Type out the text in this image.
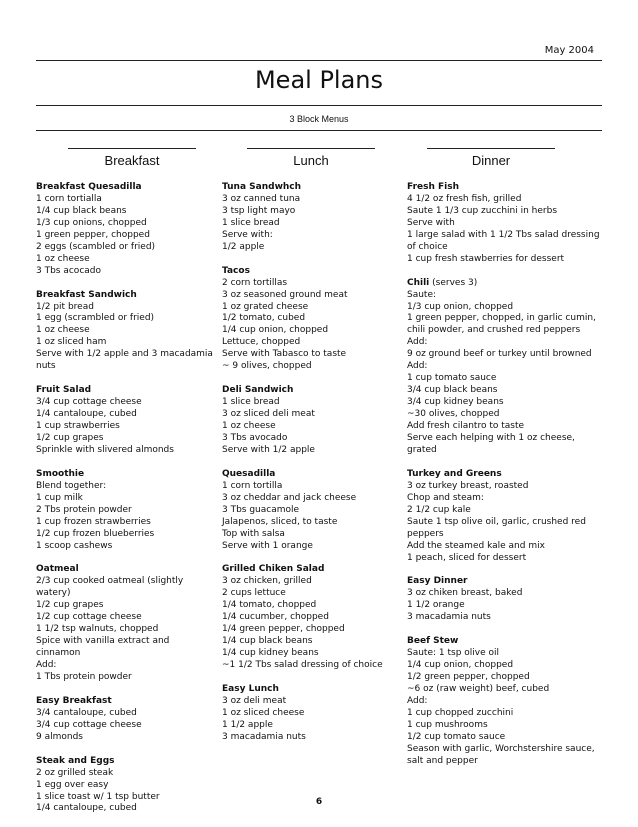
May 2004
Meal Plans
3 Block Menus
Breakfast	Lunch	Dinner
Breakfast Quesadilla
1 corn tortialla
1/4 cup black beans
1/3 cup onions, chopped
1 green pepper, chopped
2 eggs (scambled or fried)
1 oz cheese
3 Tbs acocado
Breakfast Sandwich
1/2 pit bread
1 egg (scrambled or fried)
1 oz cheese
1 oz sliced ham
Serve with 1/2 apple and 3 macadamia nuts
Fruit Salad
3/4 cup cottage cheese
1/4 cantaloupe, cubed
1 cup strawberries
1/2 cup grapes
Sprinkle with slivered almonds
Smoothie
Blend together:
1 cup milk
2 Tbs protein powder
1 cup frozen strawberries
1/2 cup frozen blueberries
1 scoop cashews
Oatmeal
2/3 cup cooked oatmeal (slightly watery)
1/2 cup grapes
1/2 cup cottage cheese
1 1/2 tsp walnuts, chopped
Spice with vanilla extract and cinnamon
Add:
1 Tbs protein powder
Easy Breakfast
3/4 cantaloupe, cubed
3/4 cup cottage cheese
9 almonds
Steak and Eggs
2 oz grilled steak
1 egg over easy
1 slice toast w/ 1 tsp butter
1/4 cantaloupe, cubed
Tuna Sandwhch
3 oz canned tuna
3 tsp light mayo
1 slice bread
Serve with:
1/2 apple
Tacos
2 corn tortillas
3 oz seasoned ground meat
1 oz grated cheese
1/2 tomato, cubed
1/4 cup onion, chopped
Lettuce, chopped
Serve with Tabasco to taste
~ 9 olives, chopped
Deli Sandwich
1 slice bread
3 oz sliced deli meat
1 oz cheese
3 Tbs avocado
Serve with 1/2 apple
Quesadilla
1 corn tortilla
3 oz cheddar and jack cheese
3 Tbs guacamole
Jalapenos, sliced, to taste
Top with salsa
Serve with 1 orange
Grilled Chiken Salad
3 oz chicken, grilled
2 cups lettuce
1/4 tomato, chopped
1/4 cucumber, chopped
1/4 green pepper, chopped
1/4 cup black beans
1/4 cup kidney beans
~1 1/2 Tbs salad dressing of choice
Easy Lunch
3 oz deli meat
1 oz sliced cheese
1 1/2 apple
3 macadamia nuts
Fresh Fish
4 1/2 oz fresh fish, grilled
Saute 1 1/3 cup zucchini in herbs
Serve with
1 large salad with 1 1/2 Tbs salad dressing
of choice
1 cup fresh stawberries for dessert
Chili (serves 3)
Saute:
1/3 cup onion, chopped
1 green pepper, chopped, in garlic cumin,
chili powder, and crushed red peppers
Add:
9 oz ground beef or turkey until browned
Add:
1 cup tomato sauce
3/4 cup black beans
3/4 cup kidney beans
~30 olives, chopped
Add fresh cilantro to taste
Serve each helping with 1 oz cheese, grated
Turkey and Greens
3 oz turkey breast, roasted
Chop and steam:
2 1/2 cup kale
Saute 1 tsp olive oil, garlic, crushed red
peppers
Add the steamed kale and mix
1 peach, sliced for dessert
Easy Dinner
3 oz chiken breast, baked
1 1/2 orange
3 macadamia nuts
Beef Stew
Saute: 1 tsp olive oil
1/4 cup onion, chopped
1/2 green pepper, chopped
~6 oz (raw weight) beef, cubed
Add:
1 cup chopped zucchini
1 cup mushrooms
1/2 cup tomato sauce
Season with garlic, Worchstershire sauce,
salt and pepper
6
